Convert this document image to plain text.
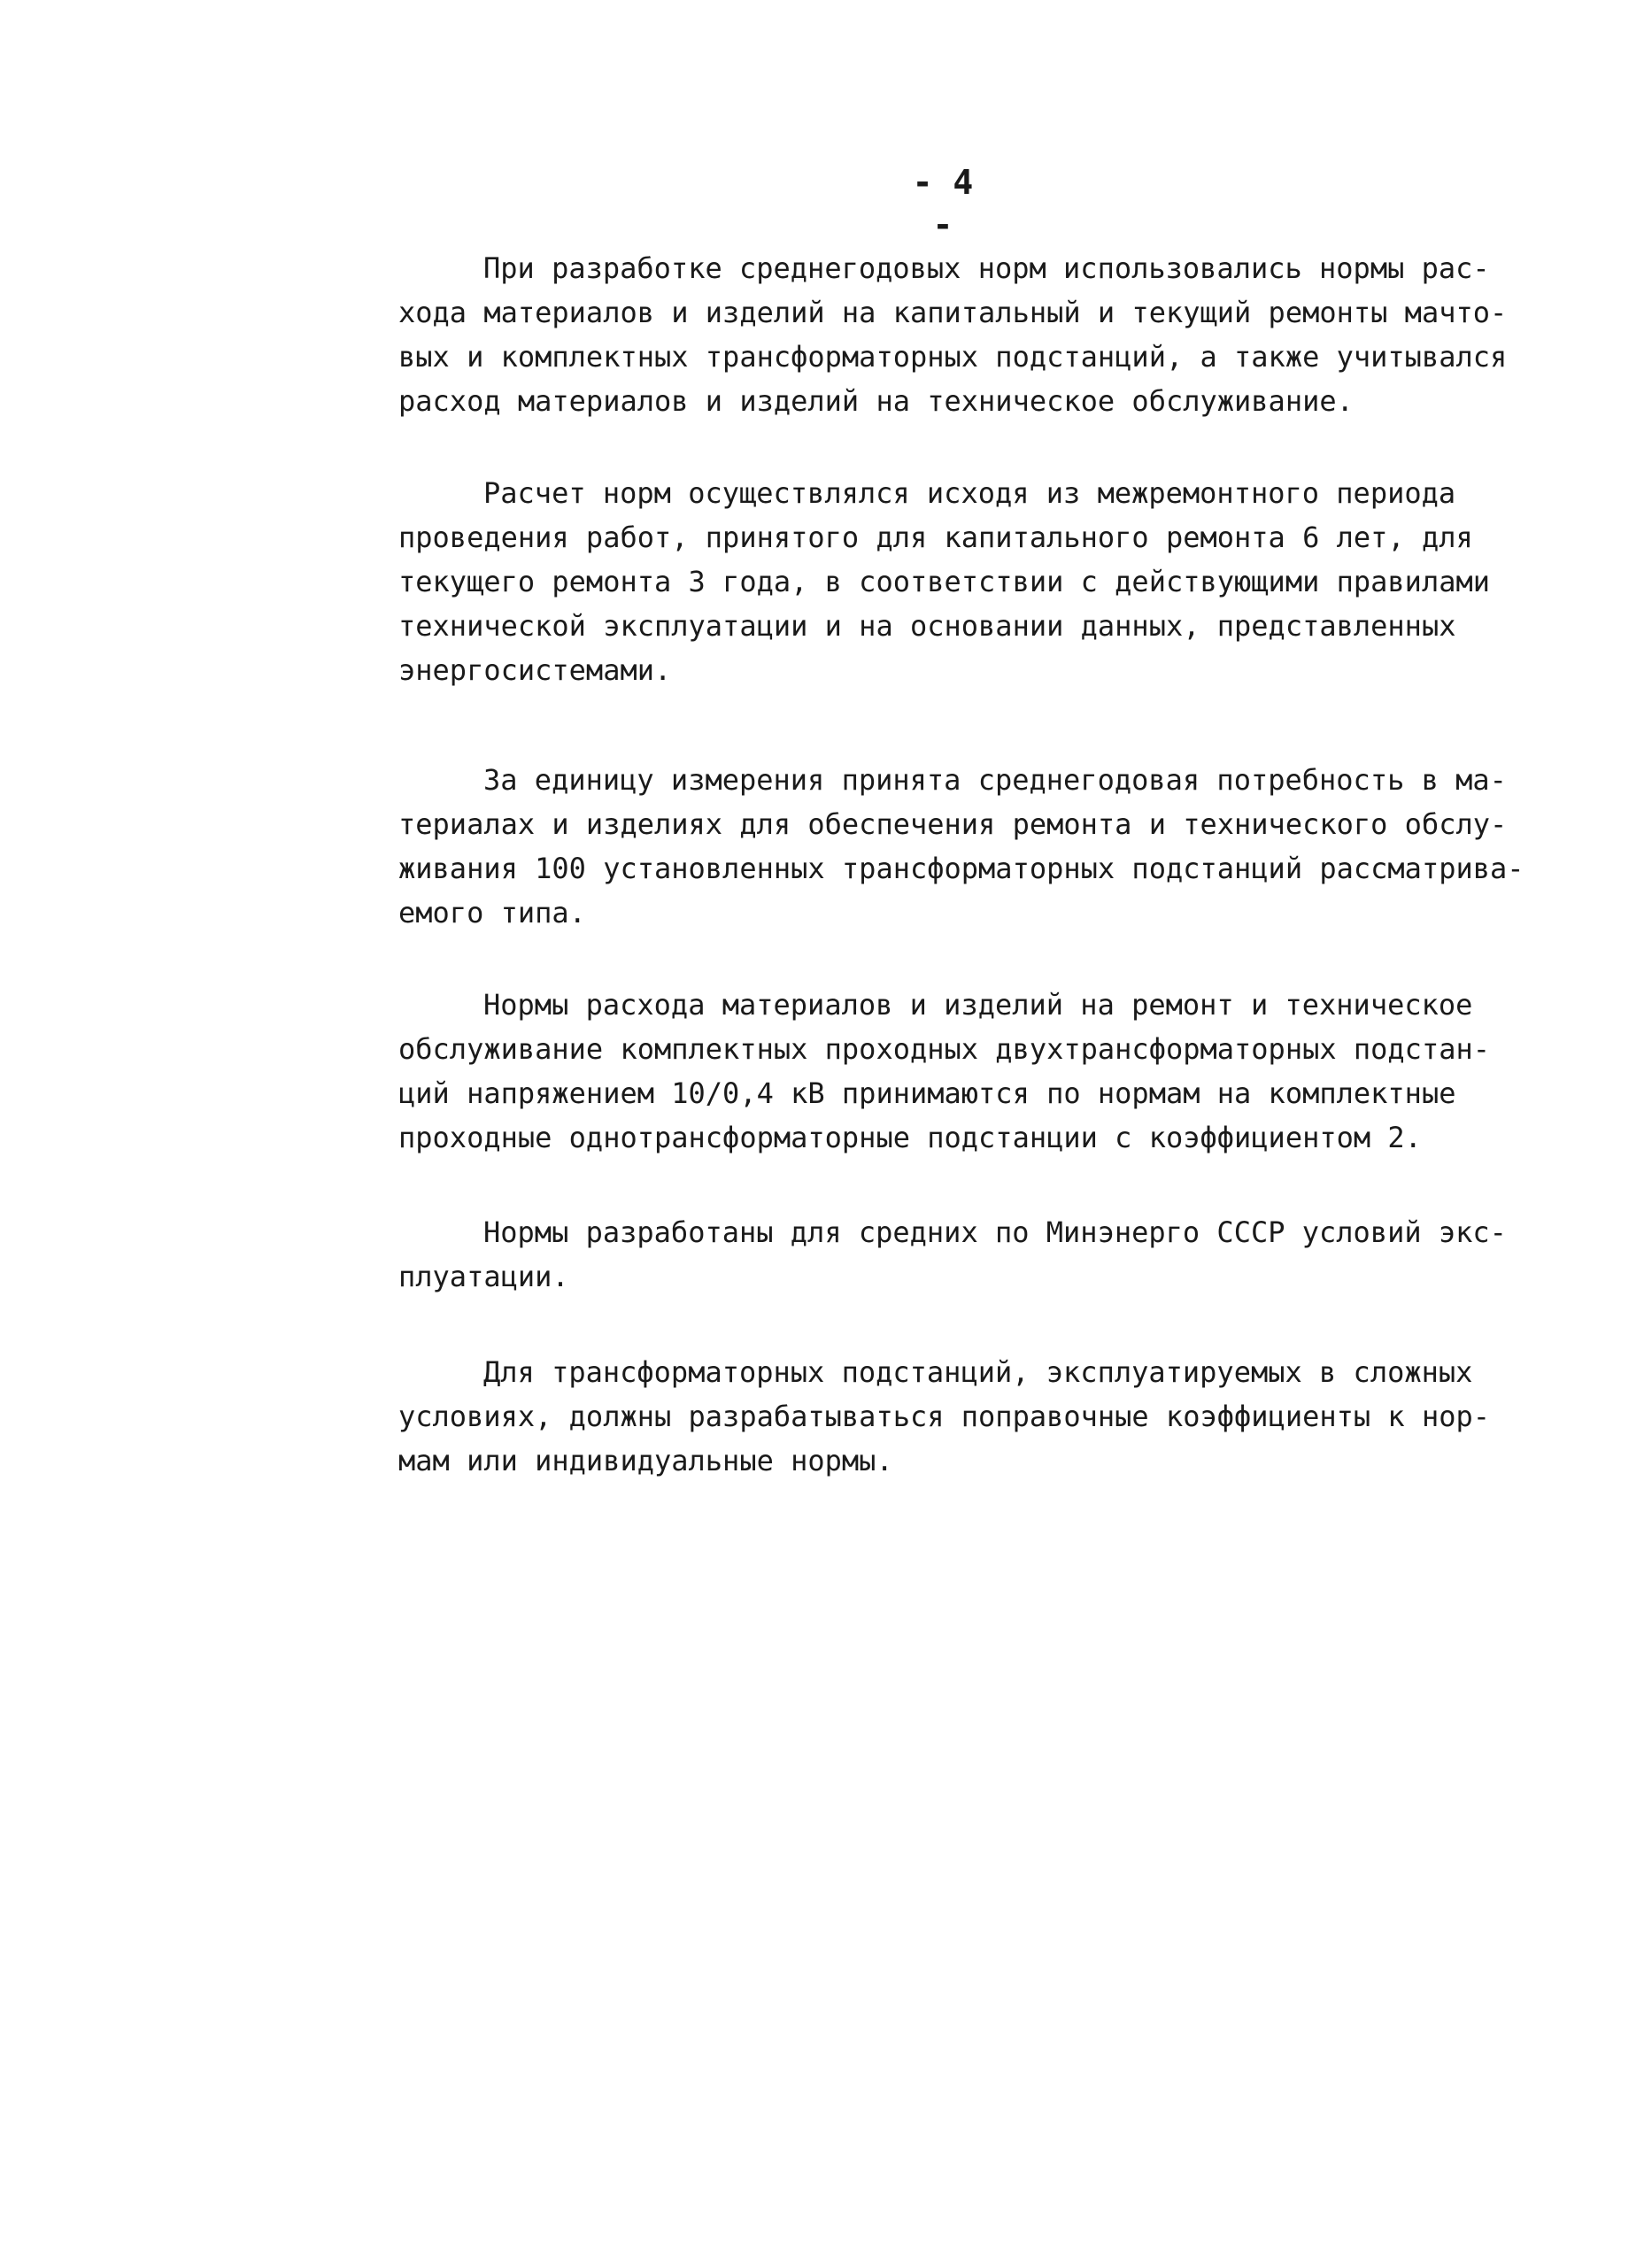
- 4 -
При разработке среднегодовых норм использовались нормы рас-
хода материалов и изделий на капитальный и текущий ремонты мачто-
вых и комплектных трансформаторных подстанций, а также учитывался
расход материалов и изделий на техническое обслуживание.
Расчет норм осуществлялся исходя из межремонтного периода
проведения работ, принятого для капитального ремонта 6 лет, для
текущего ремонта 3 года, в соответствии с действующими правилами
технической эксплуатации и на основании данных, представленных
энергосистемами.
За единицу измерения принята среднегодовая потребность в ма-
териалах и изделиях для обеспечения ремонта и технического обслу-
живания 100 установленных трансформаторных подстанций рассматрива-
емого типа.
Нормы расхода материалов и изделий на ремонт и техническое
обслуживание комплектных проходных двухтрансформаторных подстан-
ций напряжением 10/0,4 кВ принимаются по нормам на комплектные
проходные однотрансформаторные подстанции с коэффициентом 2.
Нормы разработаны для средних по Минэнерго СССР условий экс-
плуатации.
Для трансформаторных подстанций, эксплуатируемых в сложных
условиях, должны разрабатываться поправочные коэффициенты к нор-
мам или индивидуальные нормы.
